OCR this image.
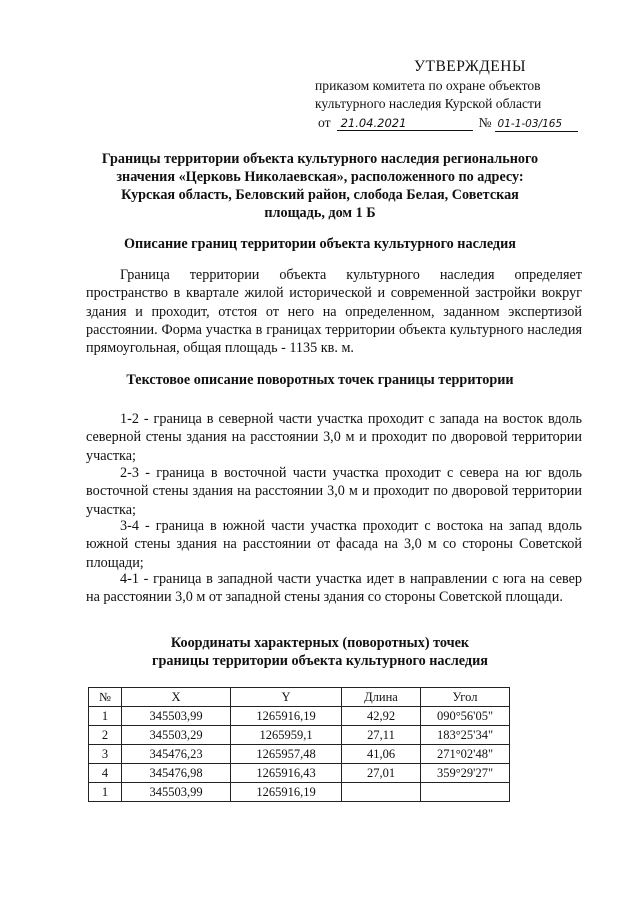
УТВЕРЖДЕНЫ
приказом комитета по охране объектов
культурного наследия Курской области
от 21.04.2021	№ 01-1-03/165
Границы территории объекта культурного наследия регионального
значения «Церковь Николаевская», расположенного по адресу:
Курская область, Беловский район, слобода Белая, Советская
площадь, дом 1 Б
Описание границ территории объекта культурного наследия
Граница территории объекта культурного наследия определяет пространство в квартале жилой исторической и современной застройки вокруг здания и проходит, отстоя от него на определенном, заданном экспертизой расстоянии. Форма участка в границах территории объекта культурного наследия прямоугольная, общая площадь - 1135 кв. м.
Текстовое описание поворотных точек границы территории
1-2 - граница в северной части участка проходит с запада на восток вдоль северной стены здания на расстоянии 3,0 м и проходит по дворовой территории участка;
2-3 - граница в восточной части участка проходит с севера на юг вдоль восточной стены здания на расстоянии 3,0 м и проходит по дворовой территории участка;
3-4 - граница в южной части участка проходит с востока на запад вдоль южной стены здания на расстоянии от фасада на 3,0 м со стороны Советской площади;
4-1 - граница в западной части участка идет в направлении с юга на север на расстоянии 3,0 м от западной стены здания со стороны Советской площади.
Координаты характерных (поворотных) точек
границы территории объекта культурного наследия
№	X	Y	Длина	Угол
1	345503,99	1265916,19	42,92	090°56'05"
2	345503,29	1265959,1	27,11	183°25'34"
3	345476,23	1265957,48	41,06	271°02'48"
4	345476,98	1265916,43	27,01	359°29'27"
1	345503,99	1265916,19		
